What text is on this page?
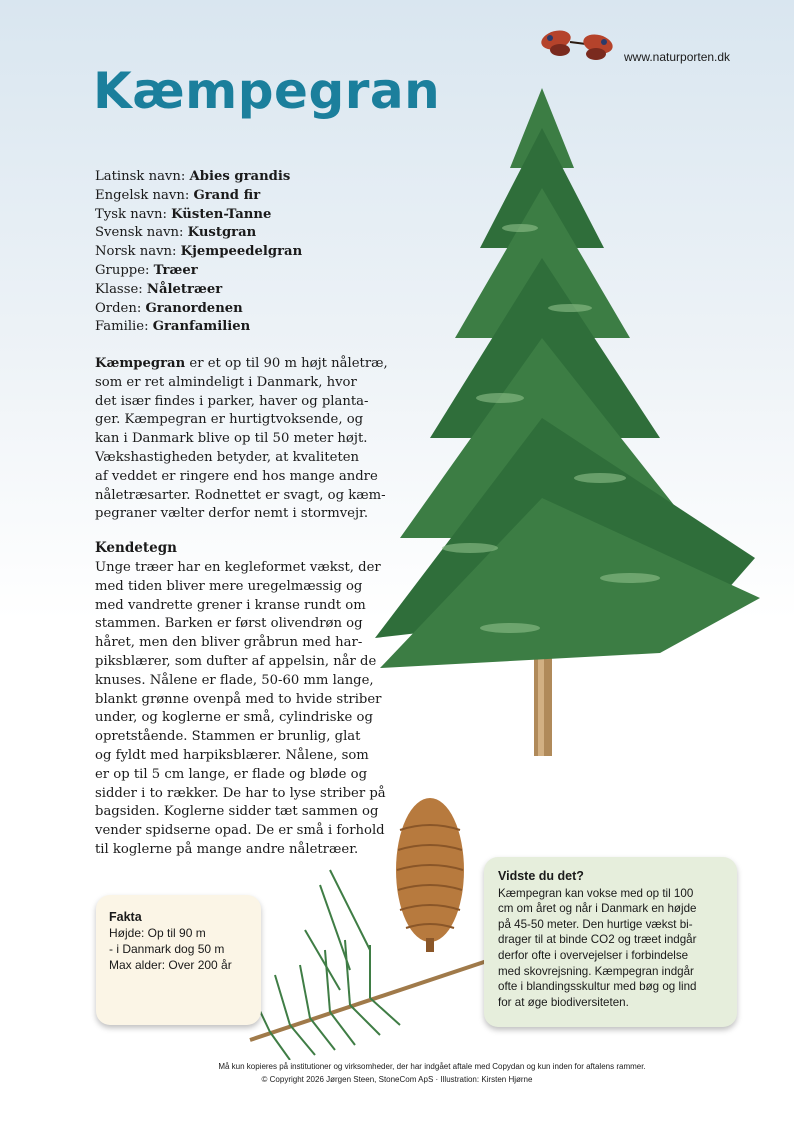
www.naturporten.dk
Kæmpegran
Latinsk navn: Abies grandis
Engelsk navn: Grand fir
Tysk navn: Küsten-Tanne
Svensk navn: Kustgran
Norsk navn: Kjempeedelgran
Gruppe: Træer
Klasse: Nåletræer
Orden: Granordenen
Familie: Granfamilien
Kæmpegran er et op til 90 m højt nåletræ,
som er ret almindeligt i Danmark, hvor
det især findes i parker, haver og planta-
ger. Kæmpegran er hurtigtvoksende, og
kan i Danmark blive op til 50 meter højt.
Vækshastigheden betyder, at kvaliteten
af veddet er ringere end hos mange andre
nåletræsarter. Rodnettet er svagt, og kæm-
pegraner vælter derfor nemt i stormvejr.
Kendetegn
Unge træer har en kegleformet vækst, der
med tiden bliver mere uregelmæssig og
med vandrette grener i kranse rundt om
stammen. Barken er først olivendrøn og
håret, men den bliver gråbrun med har-
piksblærer, som dufter af appelsin, når de
knuses. Nålene er flade, 50-60 mm lange,
blankt grønne ovenpå med to hvide striber
under, og koglerne er små, cylindriske og
opretstående. Stammen er brunlig, glat
og fyldt med harpiksblærer. Nålene, som
er op til 5 cm lange, er flade og bløde og
sidder i to rækker. De har to lyse striber på
bagsiden. Koglerne sidder tæt sammen og
vender spidserne opad. De er små i forhold
til koglerne på mange andre nåletræer.
Fakta
Højde: Op til 90 m
- i Danmark dog 50 m
Max alder: Over 200 år
Vidste du det?
Kæmpegran kan vokse med op til 100
cm om året og når i Danmark en højde
på 45-50 meter. Den hurtige vækst bi-
drager til at binde CO2 og træet indgår
derfor ofte i overvejelser i forbindelse
med skovrejsning. Kæmpegran indgår
ofte i blandingsskultur med bøg og lind
for at øge biodiversiteten.
Må kun kopieres på institutioner og virksomheder, der har indgået aftale med Copydan og kun inden for aftalens rammer.
© Copyright 2026 Jørgen Steen, StoneCom ApS · Illustration: Kirsten Hjørne
